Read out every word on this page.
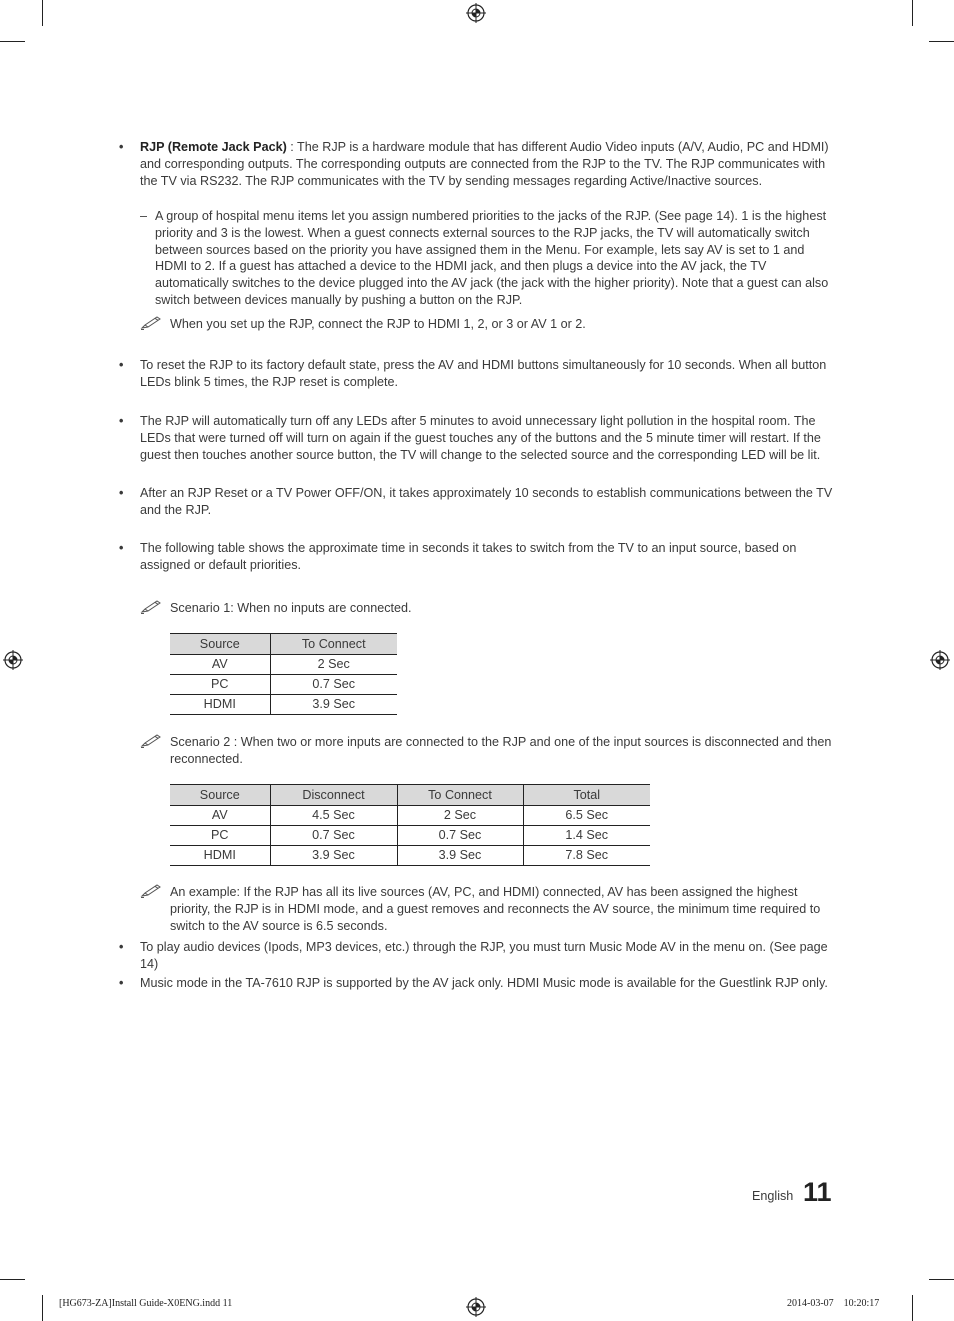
•	RJP (Remote Jack Pack) : The RJP is a hardware module that has different Audio Video inputs (A/V, Audio, PC and HDMI) and corresponding outputs. The corresponding outputs are connected from the RJP to the TV. The RJP communicates with the TV via RS232. The RJP communicates with the TV by sending messages regarding Active/Inactive sources.
– A group of hospital menu items let you assign numbered priorities to the jacks of the RJP. (See page 14). 1 is the highest priority and 3 is the lowest. When a guest connects external sources to the RJP jacks, the TV will automatically switch between sources based on the priority you have assigned them in the Menu. For example, lets say AV is set to 1 and HDMI to 2. If a guest has attached a device to the HDMI jack, and then plugs a device into the AV jack, the TV automatically switches to the device plugged into the AV jack (the jack with the higher priority). Note that a guest can also switch between devices manually by pushing a button on the RJP.
When you set up the RJP, connect the RJP to HDMI 1, 2, or 3 or AV 1 or 2.
•	To reset the RJP to its factory default state, press the AV and HDMI buttons simultaneously for 10 seconds. When all button LEDs blink 5 times, the RJP reset is complete.
•	The RJP will automatically turn off any LEDs after 5 minutes to avoid unnecessary light pollution in the hospital room. The LEDs that were turned off will turn on again if the guest touches any of the buttons and the 5 minute timer will restart. If the guest then touches another source button, the TV will change to the selected source and the corresponding LED will be lit.
•	After an RJP Reset or a TV Power OFF/ON, it takes approximately 10 seconds to establish communications between the TV and the RJP.
•	The following table shows the approximate time in seconds it takes to switch from the TV to an input source, based on assigned or default priorities.
Scenario 1: When no inputs are connected.
Source	To Connect
AV	2 Sec
PC	0.7 Sec
HDMI	3.9 Sec
Scenario 2 : When two or more inputs are connected to the RJP and one of the input sources is disconnected and then reconnected.
Source	Disconnect	To Connect	Total
AV	4.5 Sec	2 Sec	6.5 Sec
PC	0.7 Sec	0.7 Sec	1.4 Sec
HDMI	3.9 Sec	3.9 Sec	7.8 Sec
An example: If the RJP has all its live sources (AV, PC, and HDMI) connected, AV has been assigned the highest priority, the RJP is in HDMI mode, and a guest removes and reconnects the AV source, the minimum time required to switch to the AV source is 6.5 seconds.
•	To play audio devices (Ipods, MP3 devices, etc.) through the RJP, you must turn Music Mode AV in the menu on. (See page 14)
•	Music mode in the TA-7610 RJP is supported by the AV jack only. HDMI Music mode is available for the Guestlink RJP only.
English 11
[HG673-ZA]Install Guide-X0ENG.indd 11	2014-03-07    10:20:17
